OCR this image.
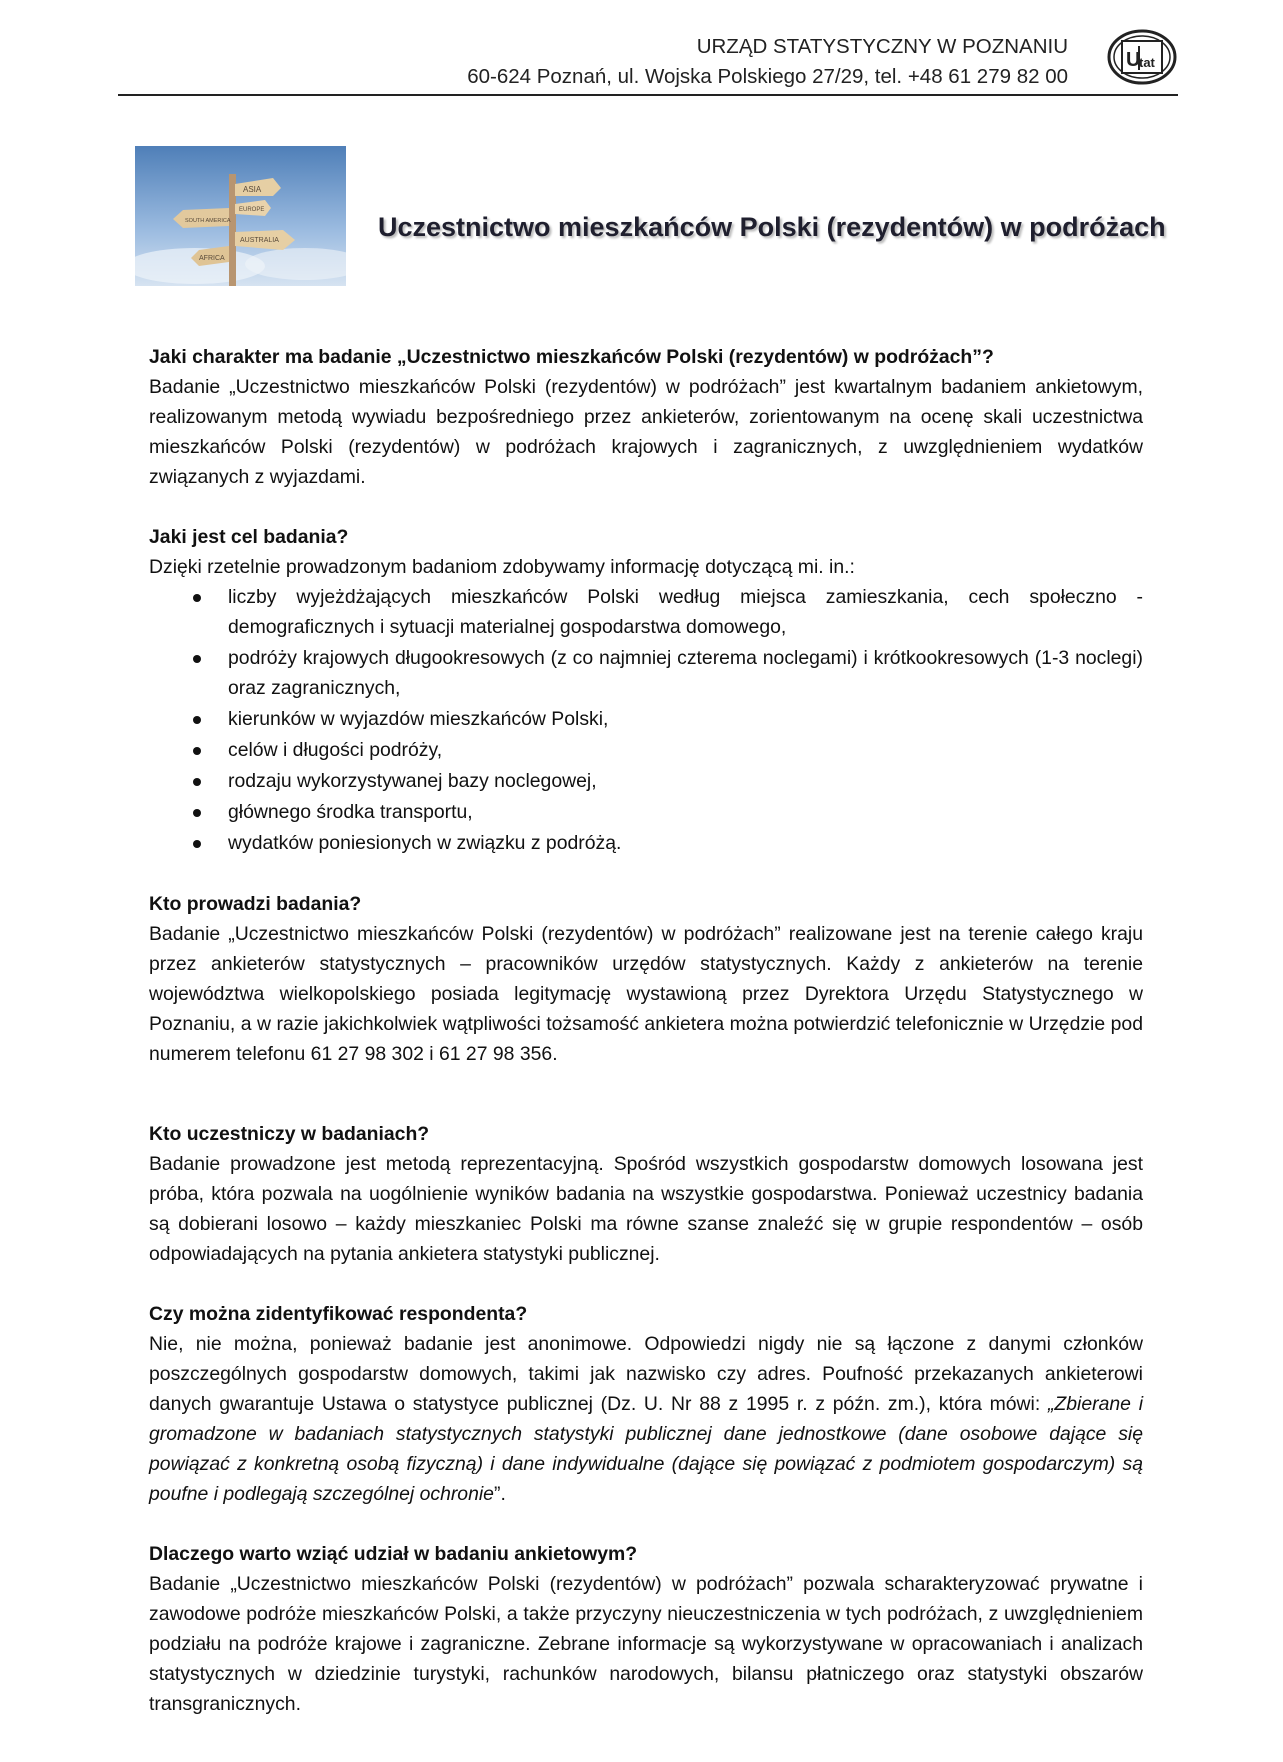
URZĄD STATYSTYCZNY W POZNANIU
60-624 Poznań, ul. Wojska Polskiego 27/29, tel. +48 61 279 82 00
U
tat
ASIA
EUROPE
SOUTH AMERICA
AUSTRALIA
AFRICA
Uczestnictwo mieszkańców Polski (rezydentów) w podróżach
Jaki charakter ma badanie „Uczestnictwo mieszkańców Polski (rezydentów) w podróżach”?

Badanie „Uczestnictwo mieszkańców Polski (rezydentów) w podróżach” jest kwartalnym badaniem ankietowym, realizowanym metodą wywiadu bezpośredniego przez ankieterów, zorientowanym na ocenę skali uczestnictwa mieszkańców Polski (rezydentów) w podróżach krajowych i zagranicznych, z uwzględnieniem wydatków związanych z wyjazdami.

Jaki jest cel badania?

Dzięki rzetelnie prowadzonym badaniom zdobywamy informację dotyczącą mi. in.:

liczby wyjeżdżających mieszkańców Polski według miejsca zamieszkania, cech społeczno -demograficznych i sytuacji materialnej gospodarstwa domowego,
podróży krajowych długookresowych (z co najmniej czterema noclegami) i krótkookresowych (1-3 noclegi) oraz zagranicznych,
kierunków w wyjazdów mieszkańców Polski,
celów i długości podróży,
rodzaju wykorzystywanej bazy noclegowej,
głównego środka transportu,
wydatków poniesionych w związku z podróżą.
Kto prowadzi badania?

Badanie „Uczestnictwo mieszkańców Polski (rezydentów) w podróżach” realizowane jest na terenie całego kraju przez ankieterów statystycznych – pracowników urzędów statystycznych. Każdy z ankieterów na terenie województwa wielkopolskiego posiada legitymację wystawioną przez Dyrektora Urzędu Statystycznego w Poznaniu, a w razie jakichkolwiek wątpliwości tożsamość ankietera można potwierdzić telefonicznie w Urzędzie pod numerem telefonu 61 27 98 302 i 61 27 98 356.

Kto uczestniczy w badaniach?

Badanie prowadzone jest metodą reprezentacyjną. Spośród wszystkich gospodarstw domowych losowana jest próba, która pozwala na uogólnienie wyników badania na wszystkie gospodarstwa. Ponieważ uczestnicy badania są dobierani losowo – każdy mieszkaniec Polski ma równe szanse znaleźć się w grupie respondentów – osób odpowiadających na pytania ankietera statystyki publicznej.

Czy można zidentyfikować respondenta?

Nie, nie można, ponieważ badanie jest anonimowe. Odpowiedzi nigdy nie są łączone z danymi członków poszczególnych gospodarstw domowych, takimi jak nazwisko czy adres. Poufność przekazanych ankieterowi danych gwarantuje Ustawa o statystyce publicznej (Dz. U. Nr 88 z 1995 r. z późn. zm.), która mówi: „Zbierane i gromadzone w badaniach statystycznych statystyki publicznej dane jednostkowe (dane osobowe dające się powiązać z konkretną osobą fizyczną) i dane indywidualne (dające się powiązać z podmiotem gospodarczym) są poufne i podlegają szczególnej ochronie”.

Dlaczego warto wziąć udział w badaniu ankietowym?

Badanie „Uczestnictwo mieszkańców Polski (rezydentów) w podróżach” pozwala scharakteryzować prywatne i zawodowe podróże mieszkańców Polski, a także przyczyny nieuczestniczenia w tych podróżach, z uwzględnieniem podziału na podróże krajowe i zagraniczne. Zebrane informacje są wykorzystywane w opracowaniach i analizach statystycznych w dziedzinie turystyki, rachunków narodowych, bilansu płatniczego oraz statystyki obszarów transgranicznych.
